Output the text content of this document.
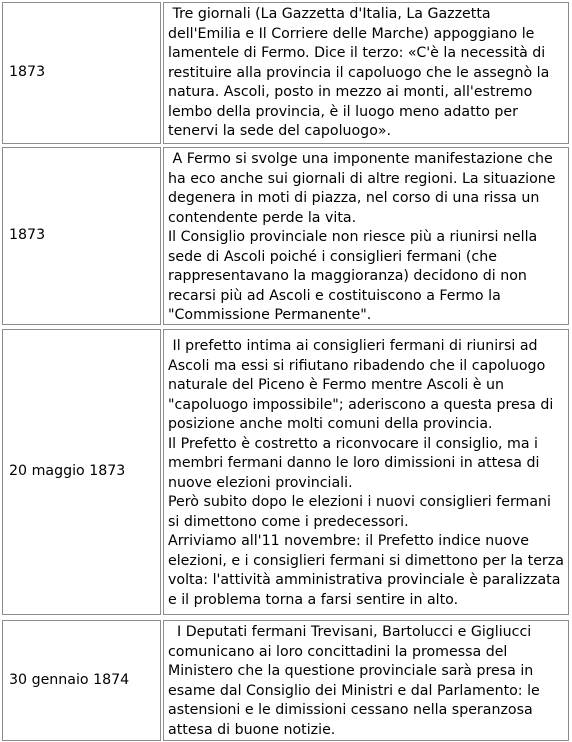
1873

Tre giornali (La Gazzetta d'Italia, La Gazzetta dell'Emilia e Il Corriere delle Marche) appoggiano le lamentele di Fermo. Dice il terzo: «C'è la necessità di restituire alla provincia il capoluogo che le assegnò la natura. Ascoli, posto in mezzo ai monti, all'estremo lembo della provincia, è il luogo meno adatto per tenervi la sede del capoluogo».

1873

A Fermo si svolge una imponente manifestazione che ha eco anche sui giornali di altre regioni. La situazione degenera in moti di piazza, nel corso di una rissa un contendente perde la vita.

Il Consiglio provinciale non riesce più a riunirsi nella sede di Ascoli poiché i consiglieri fermani (che rappresentavano la maggioranza) decidono di non recarsi più ad Ascoli e costituiscono a Fermo la "Commissione Permanente".

20 maggio 1873

Il prefetto intima ai consiglieri fermani di riunirsi ad Ascoli ma essi si rifiutano ribadendo che il capoluogo naturale del Piceno è Fermo mentre Ascoli è un "capoluogo impossibile"; aderiscono a questa presa di posizione anche molti comuni della provincia.

Il Prefetto è costretto a riconvocare il consiglio, ma i membri fermani danno le loro dimissioni in attesa di nuove elezioni provinciali.

Però subito dopo le elezioni i nuovi consiglieri fermani si dimettono come i predecessori.

Arriviamo all'11 novembre: il Prefetto indice nuove elezioni, e i consiglieri fermani si dimettono per la terza volta: l'attività amministrativa provinciale è paralizzata e il problema torna a farsi sentire in alto.

30 gennaio 1874

I Deputati fermani Trevisani, Bartolucci e Gigliucci comunicano ai loro concittadini la promessa del Ministero che la questione provinciale sarà presa in esame dal Consiglio dei Ministri e dal Parlamento: le astensioni e le dimissioni cessano nella speranzosa attesa di buone notizie.
